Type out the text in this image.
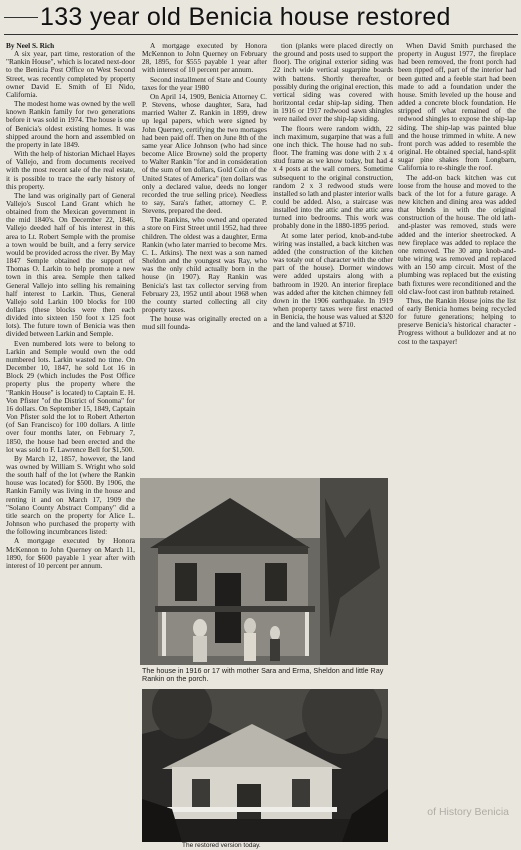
133 year old Benicia house restored

By Neel S. Rich

A six year, part time, restoration of the "Rankin House", which is located next-door to the Benicia Post Office on West Second Street, was recently completed by property owner David E. Smith of El Nido, California.

The modest home was owned by the well known Rankin family for two generations before it was sold in 1974. The house is one of Benicia's oldest existing homes. It was shipped around the horn and assembled on the property in late 1849.

With the help of historian Michael Hayes of Vallejo, and from documents received with the most recent sale of the real estate, it is possible to trace the early history of this property.

The land was originally part of General Vallejo's Suscol Land Grant which he obtained from the Mexican government in the mid 1840's. On December 22, 1846, Vallejo deeded half of his interest in this area to Lt. Robert Semple with the promise a town would be built, and a ferry service would be provided across the river. By May 1847 Semple obtained the support of Thomas O. Larkin to help promote a new town in this area. Semple then talked General Vallejo into selling his remaining half interest to Larkin. Thus, General Vallejo sold Larkin 100 blocks for 100 dollars (these blocks were then each divided into sixteen 150 foot x 125 foot lots). The future town of Benicia was then divided between Larkin and Semple.

Even numbered lots were to belong to Larkin and Semple would own the odd numbered lots. Larkin wasted no time. On December 10, 1847, he sold Lot 16 in Block 29 (which includes the Post Office property plus the property where the "Rankin House" is located) to Captain E. H. Von Pfister "of the District of Sonoma" for 16 dollars. On September 15, 1849, Captain Von Pfister sold the lot to Robert Atherton (of San Francisco) for 100 dollars. A little over four months later, on February 7, 1850, the house had been erected and the lot was sold to F. Lawrence Bell for $1,500.

By March 12, 1857, however, the land was owned by William S. Wright who sold the south half of the lot (where the Rankin house was located) for $500. By 1906, the Rankin Family was living in the house and renting it and on March 17, 1909 the "Solano County Abstract Company" did a title search on the property for Alice L. Johnson who purchased the property with the following incumbrances listed:

A mortgage executed by Honora McKennon to John Querney on March 11, 1890, for $600 payable 1 year after with interest of 10 percent per annum.

A mortgage executed by Honora McKennon to John Querney on February 28, 1895, for $555 payable 1 year after with interest of 10 percent per annum.

Second installment of State and County taxes for the year 1980

On April 14, 1909, Benicia Attorney C. P. Stevens, whose daughter, Sara, had married Walter Z. Rankin in 1899, drew up legal papers, which were signed by John Querney, certifying the two mortages had been paid off. Then on June 8th of the same year Alice Johnson (who had since become Alice Browne) sold the property to Walter Rankin "for and in consideration of the sum of ten dollars, Gold Coin of the United States of America" (ten dollars was only a declared value, deeds no longer recorded the true selling price). Needless to say, Sara's father, attorney C. P. Stevens, prepared the deed.

The Rankins, who owned and operated a store on First Street until 1952, had three children. The oldest was a daughter, Erma Rankin (who later married to become Mrs. C. L. Atkins). The next was a son named Sheldon and the youngest was Ray, who was the only child actually born in the house (in 1907). Ray Rankin was Benicia's last tax collector serving from February 23, 1952 until about 1968 when the county started collecting all city property taxes.

The house was originally erected on a mud sill founda-

tion (planks were placed directly on the ground and posts used to support the floor). The original exterior siding was 22 inch wide vertical sugarpine boards with battens. Shortly thereafter, or possibly during the original erection, this vertical siding was covered with horitzontal cedar ship-lap siding. Then in 1916 or 1917 redwood sawn shingles were nailed over the ship-lap siding.

The floors were random width, 22 inch maximum, sugarpine that was a full one inch thick. The house had no sub-floor. The framing was done with 2 x 4 stud frame as we know today, but had 4 x 4 posts at the wall corners. Sometime subsequent to the original construction, random 2 x 3 redwood studs were installed so lath and plaster interior walls could be added. Also, a staircase was installed into the attic and the attic area turned into bedrooms. This work was probably done in the 1880-1895 period.

At some later period, knob-and-tube wiring was installed, a back kitchen was added (the construction of the kitchen was totaly out of character with the other part of the house). Dormer windows were added upstairs along with a bathroom in 1920. An interior fireplace was added after the kitchen chimney fell down in the 1906 earthquake. In 1919 when property taxes were first enacted in Benicia, the house was valued at $320 and the land valued at $710.

When David Smith purchased the property in August 1977, the fireplace had been removed, the front porch had been ripped off, part of the interior had been gutted and a feeble start had been made to add a foundation under the house. Smith leveled up the house and added a concrete block foundation. He stripped off what remained of the redwood shingles to expose the ship-lap siding. The ship-lap was painted blue and the house trimmed in white. A new front porch was added to resemble the original. He obtained special, hand-split sugar pine shakes from Longbarn, California to re-shingle the roof.

The add-on back kitchen was cut loose from the house and moved to the back of the lot for a future garage. A new kitchen and dining area was added that blends in with the original construction of the house. The old lath-and-plaster was removed, studs were added and the interior sheetrocked. A new fireplace was added to replace the one removed. The 30 amp knob-and-tube wiring was removed and replaced with an 150 amp circuit. Most of the plumbing was replaced but the existing bath fixtures were reconditioned and the old claw-foot cast iron bathtub retained.

Thus, the Rankin House joins the list of early Benicia homes being recycled for future generations; helping to preserve Benicia's historical character - Progress without a bulldozer and at no cost to the taxpayer!

The house in 1916 or 17 with mother Sara and Erma, Sheldon and little Ray Rankin on the porch.
The restored version today.
of History Benicia
